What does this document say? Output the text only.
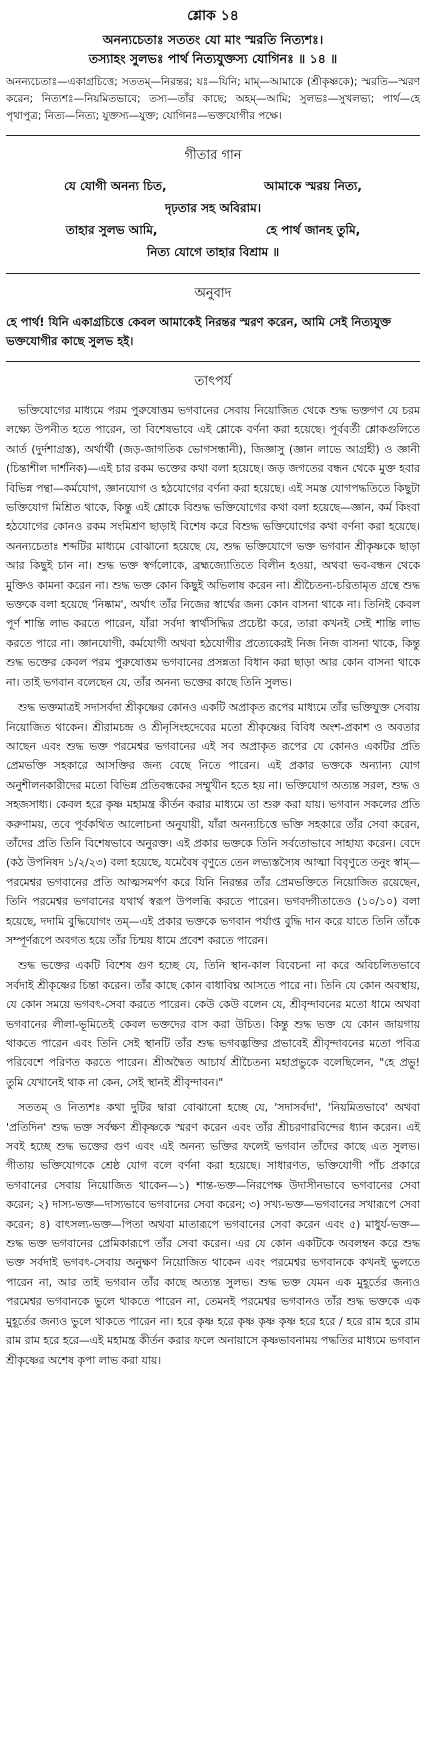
শ্লোক ১৪
অনন্যচেতাঃ সততং যো মাং স্মরতি নিত্যশঃ।
তস্যাহং সুলভঃ পার্থ নিত্যযুক্তস্য যোগিনঃ ॥ ১৪ ॥
অনন্যচেতাঃ—একাগ্রচিত্তে; সততম্—নিরন্তর; যঃ—যিনি; মাম্—আমাকে (শ্রীকৃষ্ণকে); স্মরতি—স্মরণ করেন; নিত্যশঃ—নিয়মিতভাবে; তস্য—তাঁর কাছে; অহম্—আমি; সুলভঃ—সুখলভ্য; পার্থ—হে পৃথাপুত্র; নিত্য—নিত্য; যুক্তস্য—যুক্ত; যোগিনঃ—ভক্তযোগীর পক্ষে।
গীতার গান
যে যোগী অনন্য চিত,	আমাকে স্মরয় নিত্য,
দৃঢ়তার সহ অবিরাম।
তাহার সুলভ আমি,	হে পার্থ জানহ তুমি,
নিত্য যোগে তাহার বিশ্রাম ॥
অনুবাদ
হে পার্থ! যিনি একাগ্রচিত্তে কেবল আমাকেই নিরন্তর স্মরণ করেন, আমি সেই নিত্যযুক্ত ভক্তযোগীর কাছে সুলভ হই।
তাৎপর্য

ভক্তিযোগের মাধ্যমে পরম পুরুষোত্তম ভগবানের সেবায় নিয়োজিত থেকে শুদ্ধ ভক্তগণ যে চরম লক্ষ্যে উপনীত হতে পারেন, তা বিশেষভাবে এই শ্লোকে বর্ণনা করা হয়েছে। পূর্ববর্তী শ্লোকগুলিতে আর্ত (দুর্দশাগ্রস্ত), অর্থার্থী (জড়-জাগতিক ভোগসন্ধানী), জিজ্ঞাসু (জ্ঞান লাভে আগ্রহী) ও জ্ঞানী (চিন্তাশীল দার্শনিক)—এই চার রকম ভক্তের কথা বলা হয়েছে। জড় জগতের বন্ধন থেকে মুক্ত হবার বিভিন্ন পন্থা—কর্মযোগ, জ্ঞানযোগ ও হঠযোগের বর্ণনা করা হয়েছে। এই সমস্ত যোগপদ্ধতিতে কিছুটা ভক্তিযোগ মিশ্রিত থাকে, কিন্তু এই শ্লোকে বিশুদ্ধ ভক্তিযোগের কথা বলা হয়েছে—জ্ঞান, কর্ম কিংবা হঠযোগের কোনও রকম সংমিশ্রণ ছাড়াই বিশেষ করে বিশুদ্ধ ভক্তিযোগের কথা বর্ণনা করা হয়েছে। অনন্যচেতাঃ শব্দটির মাধ্যমে বোঝানো হয়েছে যে, শুদ্ধ ভক্তিযোগে ভক্ত ভগবান শ্রীকৃষ্ণকে ছাড়া আর কিছুই চান না। শুদ্ধ ভক্ত স্বর্গলোকে, ব্রহ্মজ্যোতিতে বিলীন হওয়া, অথবা ভব-বন্ধন থেকে মুক্তিও কামনা করেন না। শুদ্ধ ভক্ত কোন কিছুই অভিলাষ করেন না। শ্রীচৈতন্য-চরিতামৃত গ্রন্থে শুদ্ধ ভক্তকে বলা হয়েছে 'নিষ্কাম', অর্থাৎ তাঁর নিজের স্বার্থের জন্য কোন বাসনা থাকে না। তিনিই কেবল পূর্ণ শান্তি লাভ করতে পারেন, যাঁরা সর্বদা স্বার্থসিদ্ধির প্রচেষ্টা করে, তারা কখনই সেই শান্তি লাভ করতে পারে না। জ্ঞানযোগী, কর্মযোগী অথবা হঠযোগীর প্রত্যেকেরই নিজ নিজ বাসনা থাকে, কিন্তু শুদ্ধ ভক্তের কেবল পরম পুরুষোত্তম ভগবানের প্রসন্নতা বিধান করা ছাড়া আর কোন বাসনা থাকে না। তাই ভগবান বলেছেন যে, তাঁর অনন্য ভক্তের কাছে তিনি সুলভ।

শুদ্ধ ভক্তমাত্রই সদাসর্বদা শ্রীকৃষ্ণের কোনও একটি অপ্রাকৃত রূপের মাধ্যমে তাঁর ভক্তিযুক্ত সেবায় নিয়োজিত থাকেন। শ্রীরামচন্দ্র ও শ্রীনৃসিংহদেবের মতো শ্রীকৃষ্ণের বিবিধ অংশ-প্রকাশ ও অবতার আছেন এবং শুদ্ধ ভক্ত পরমেশ্বর ভগবানের এই সব অপ্রাকৃত রূপের যে কোনও একটির প্রতি প্রেমভক্তি সহকারে আসক্তির জন্য বেছে নিতে পারেন। এই প্রকার ভক্তকে অন্যান্য যোগ অনুশীলনকারীদের মতো বিভিন্ন প্রতিবন্ধকের সম্মুখীন হতে হয় না। ভক্তিযোগ অত্যন্ত সরল, শুদ্ধ ও সহজসাধ্য। কেবল হরে কৃষ্ণ মহামন্ত্র কীর্তন করার মাধ্যমে তা শুরু করা যায়। ভগবান সকলের প্রতি করুণাময়, তবে পূর্বকথিত আলোচনা অনুযায়ী, যাঁরা অনন্যচিত্তে ভক্তি সহকারে তাঁর সেবা করেন, তাঁদের প্রতি তিনি বিশেষভাবে অনুরক্ত। এই প্রকার ভক্তকে তিনি সর্বতোভাবে সাহায্য করেন। বেদে (কঠ উপনিষদ ১/২/২৩) বলা হয়েছে, যমেবৈষ বৃণুতে তেন লভ্যস্তস্যৈষ আত্মা বিবৃণুতে তনুং স্বাম্—পরমেশ্বর ভগবানের প্রতি আত্মসমর্পণ করে যিনি নিরন্তর তাঁর প্রেমভক্তিতে নিয়োজিত রয়েছেন, তিনি পরমেশ্বর ভগবানের যথার্থ স্বরূপ উপলব্ধি করতে পারেন। ভগবদ্গীতাতেও (১০/১০) বলা হয়েছে, দদামি বুদ্ধিযোগং তম্—এই প্রকার ভক্তকে ভগবান পর্যাপ্ত বুদ্ধি দান করে যাতে তিনি তাঁকে সম্পূর্ণরূপে অবগত হয়ে তাঁর চিন্ময় ধামে প্রবেশ করতে পারেন।

শুদ্ধ ভক্তের একটি বিশেষ গুণ হচ্ছে যে, তিনি স্থান-কাল বিবেচনা না করে অবিচলিতভাবে সর্বদাই শ্রীকৃষ্ণের চিন্তা করেন। তাঁর কাছে কোন বাধাবিঘ্ন আসতে পারে না। তিনি যে কোন অবস্থায়, যে কোন সময়ে ভগবৎ-সেবা করতে পারেন। কেউ কেউ বলেন যে, শ্রীবৃন্দাবনের মতো ধামে অথবা ভগবানের লীলা-ভূমিতেই কেবল ভক্তদের বাস করা উচিত। কিন্তু শুদ্ধ ভক্ত যে কোন জায়গায় থাকতে পারেন এবং তিনি সেই স্থানটি তাঁর শুদ্ধ ভগবদ্ভক্তির প্রভাবেই শ্রীবৃন্দাবনের মতো পবিত্র পরিবেশে পরিণত করতে পারেন। শ্রীঅদ্বৈত আচার্য শ্রীচৈতন্য মহাপ্রভুকে বলেছিলেন, "হে প্রভু! তুমি যেখানেই থাক না কেন, সেই স্থানই শ্রীবৃন্দাবন।"

সততম্ ও নিত্যশঃ কথা দুটির দ্বারা বোঝানো হচ্ছে যে, 'সদাসর্বদা', 'নিয়মিতভাবে' অথবা 'প্রতিদিন' শুদ্ধ ভক্ত সর্বক্ষণ শ্রীকৃষ্ণকে স্মরণ করেন এবং তাঁর শ্রীচরণারবিন্দের ধ্যান করেন। এই সবই হচ্ছে শুদ্ধ ভক্তের গুণ এবং এই অনন্য ভক্তির ফলেই ভগবান তাঁদের কাছে এত সুলভ। গীতায় ভক্তিযোগকে শ্রেষ্ঠ যোগ বলে বর্ণনা করা হয়েছে। সাধারণত, ভক্তিযোগী পাঁচ প্রকারে ভগবানের সেবায় নিয়োজিত থাকেন—১) শান্ত-ভক্ত—নিরপেক্ষ উদাসীনভাবে ভগবানের সেবা করেন; ২) দাস্য-ভক্ত—দাস্যভাবে ভগবানের সেবা করেন; ৩) সখ্য-ভক্ত—ভগবানের সখারূপে সেবা করেন; ৪) বাৎসল্য-ভক্ত—পিতা অথবা মাতারূপে ভগবানের সেবা করেন এবং ৫) মাধুর্য-ভক্ত—শুদ্ধ ভক্ত ভগবানের প্রেমিকারূপে তাঁর সেবা করেন। এর যে কোন একটিকে অবলম্বন করে শুদ্ধ ভক্ত সর্বদাই ভগবৎ-সেবায় অনুক্ষণ নিয়োজিত থাকেন এবং পরমেশ্বর ভগবানকে কখনই ভুলতে পারেন না, আর তাই ভগবান তাঁর কাছে অত্যন্ত সুলভ। শুদ্ধ ভক্ত যেমন এক মুহূর্তের জন্যও পরমেশ্বর ভগবানকে ভুলে থাকতে পারেন না, তেমনই পরমেশ্বর ভগবানও তাঁর শুদ্ধ ভক্তকে এক মুহূর্তের জন্যও ভুলে থাকতে পারেন না। হরে কৃষ্ণ হরে কৃষ্ণ কৃষ্ণ কৃষ্ণ হরে হরে / হরে রাম হরে রাম রাম রাম হরে হরে—এই মহামন্ত্র কীর্তন করার ফলে অনায়াসে কৃষ্ণভাবনাময় পদ্ধতির মাধ্যমে ভগবান শ্রীকৃষ্ণের অশেষ কৃপা লাভ করা যায়।
